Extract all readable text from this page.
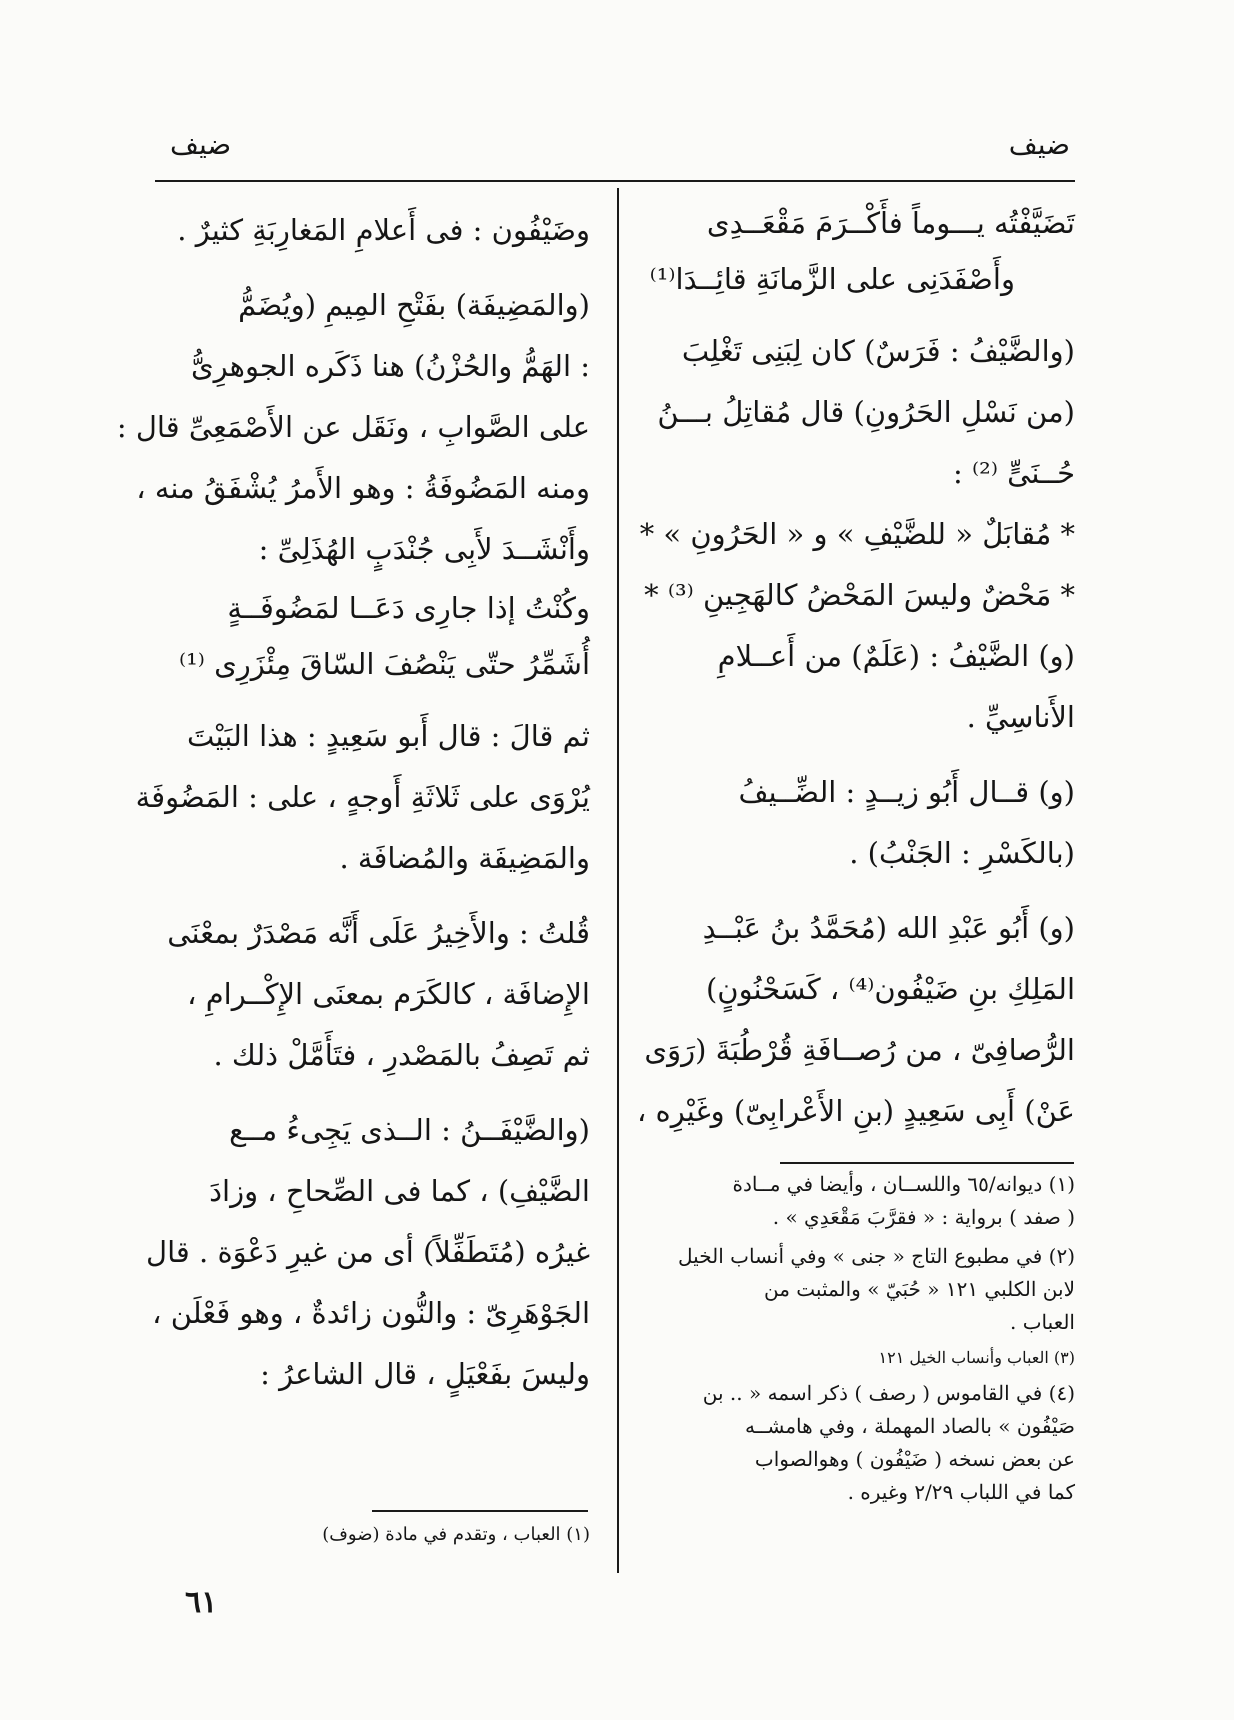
ضيف
ضيف
تَضَيَّفْتُه يـــوماً فأَكْــرَمَ مَقْعَــدِى
وأَصْفَدَنِى على الزَّمانَةِ قائِــدَا⁽¹⁾
(والضَّيْفُ : فَرَسٌ) كان لِبَنِى تَغْلِبَ
(من نَسْلِ الحَرُونِ) قال مُقاتِلُ بـــنُ
حُــنَىٍّ ⁽²⁾ :
* مُقابَلٌ « للضَّيْفِ » و « الحَرُونِ » *
* مَحْضٌ وليسَ المَحْضُ كالهَجِينِ ⁽³⁾ *
(و) الضَّيْفُ : (عَلَمٌ) من أَعــلامِ
الأَناسِيِّ .
(و) قــال أَبُو زيــدٍ : الضِّــيفُ
(بالكَسْرِ : الجَنْبُ) .
(و) أَبُو عَبْدِ الله (مُحَمَّدُ بنُ عَبْــدِ
المَلِكِ بنِ ضَيْفُون⁽⁴⁾ ، كَسَحْنُونٍ)
الرُّصافِىّ ، من رُصــافَةِ قُرْطُبَةَ (رَوَى
عَنْ) أَبِى سَعِيدٍ (بنِ الأَعْرابِىّ) وغَيْرِه ،
(١) ديوانه/٦٥ واللســان ، وأيضا في مــادة
( صفد ) برواية : « فقرَّبَ مَقْعَدِي » .
(٢) في مطبوع التاج « جنى » وفي أنساب الخيل
لابن الكلبي ١٢١ « حُبَيّ » والمثبت من
العباب .
(٣) العباب وأنساب الخيل ١٢١
(٤) في القاموس ( رصف ) ذكر اسمه « .. بن
صَيْفُون » بالصاد المهملة ، وفي هامشــه
عن بعض نسخه ( ضَيْفُون ) وهوالصواب
كما في اللباب ٢/٢٩ وغيره .
وضَيْفُون : فى أَعلامِ المَغارِبَةِ كثيرٌ .
(والمَضِيفَة) بفَتْحِ المِيمِ (ويُضَمُّ
: الهَمُّ والحُزْنُ) هنا ذَكَره الجوهرِىُّ
على الصَّوابِ ، ونَقَل عن الأَصْمَعِىِّ قال :
ومنه المَضُوفَةُ : وهو الأَمرُ يُشْفَقُ منه ،
وأَنْشَــدَ لأَبِى جُنْدَبٍ الهُذَلِىِّ :
وكُنْتُ إذا جارِى دَعَــا لمَضُوفَــةٍ
أُشَمِّرُ حتّى يَنْصُفَ السّاقَ مِئْزَرِى ⁽¹⁾
ثم قالَ : قال أَبو سَعِيدٍ : هذا البَيْتَ
يُرْوَى على ثَلاثَةِ أَوجهٍ ، على : المَضُوفَة
والمَضِيفَة والمُضافَة .
قُلتُ : والأَخِيرُ عَلَى أَنَّه مَصْدَرٌ بمعْنَى
الإِضافَة ، كالكَرَم بمعنَى الإِكْــرامِ ،
ثم تَصِفُ بالمَصْدرِ ، فتَأَمَّلْ ذلك .
(والضَّيْفَــنُ : الــذى يَجِىءُ مــع
الضَّيْفِ) ، كما فى الصِّحاحِ ، وزادَ
غيرُه (مُتَطَفِّلاً) أى من غيرِ دَعْوَة . قال
الجَوْهَرِىّ : والنُّون زائدةٌ ، وهو فَعْلَن ،
وليسَ بفَعْيَلٍ ، قال الشاعرُ :
(١) العباب ، وتقدم في مادة (ضوف)
٦١
